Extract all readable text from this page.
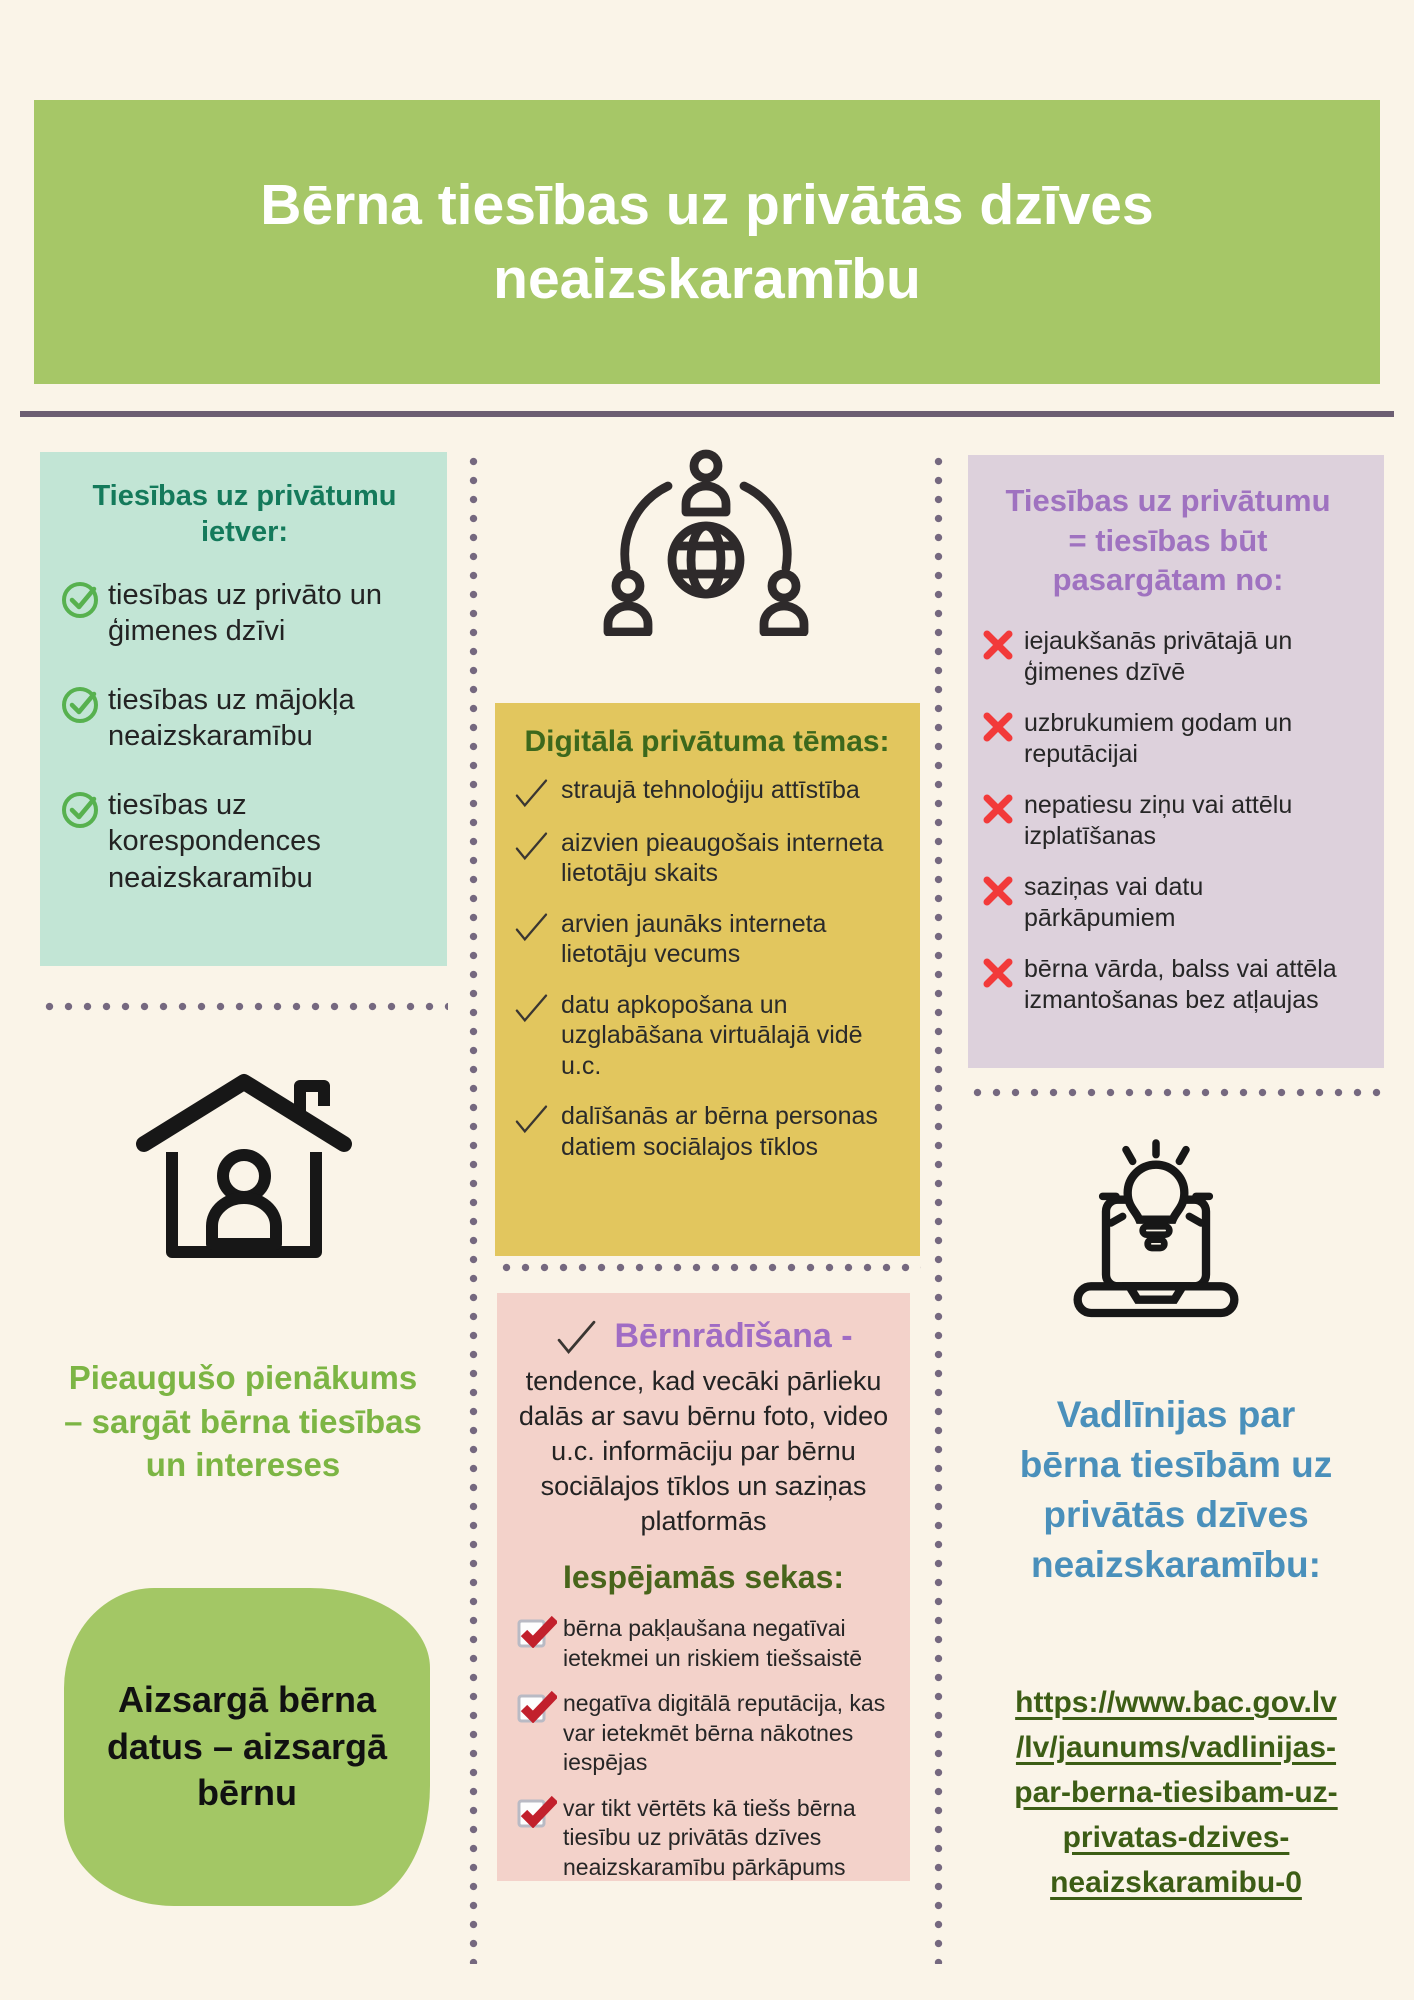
Bērna tiesības uz privātās dzīves neaizskaramību
Tiesības uz privātumu ietver:
tiesības uz privāto un ģimenes dzīvi
tiesības uz mājokļa neaizskaramību
tiesības uz korespondences neaizskaramību
Pieaugušo pienākums – sargāt bērna tiesības un intereses
Aizsargā bērna datus – aizsargā bērnu
Digitālā privātuma tēmas:
straujā tehnoloģiju attīstība
aizvien pieaugošais interneta lietotāju skaits
arvien jaunāks interneta lietotāju vecums
datu apkopošana un uzglabāšana virtuālajā vidē u.c.
dalīšanās ar bērna personas datiem sociālajos tīklos
Bērnrādīšana -

tendence, kad vecāki pārlieku dalās ar savu bērnu foto, video u.c. informāciju par bērnu sociālajos tīklos un saziņas platformās

Iespējamās sekas:
bērna pakļaušana negatīvai ietekmei un riskiem tiešsaistē
negatīva digitālā reputācija, kas var ietekmēt bērna nākotnes iespējas
var tikt vērtēts kā tiešs bērna tiesību uz privātās dzīves neaizskaramību pārkāpums
Tiesības uz privātumu = tiesības būt pasargātam no:
iejaukšanās privātajā un ģimenes dzīvē
uzbrukumiem godam un reputācijai
nepatiesu ziņu vai attēlu izplatīšanas
saziņas vai datu pārkāpumiem
bērna vārda, balss vai attēla izmantošanas bez atļaujas
Vadlīnijas par bērna tiesībām uz privātās dzīves neaizskaramību:
https://www.bac.gov.lv/lv/jaunums/vadlinijas-par-berna-tiesibam-uz-privatas-dzives-neaizskaramibu-0
